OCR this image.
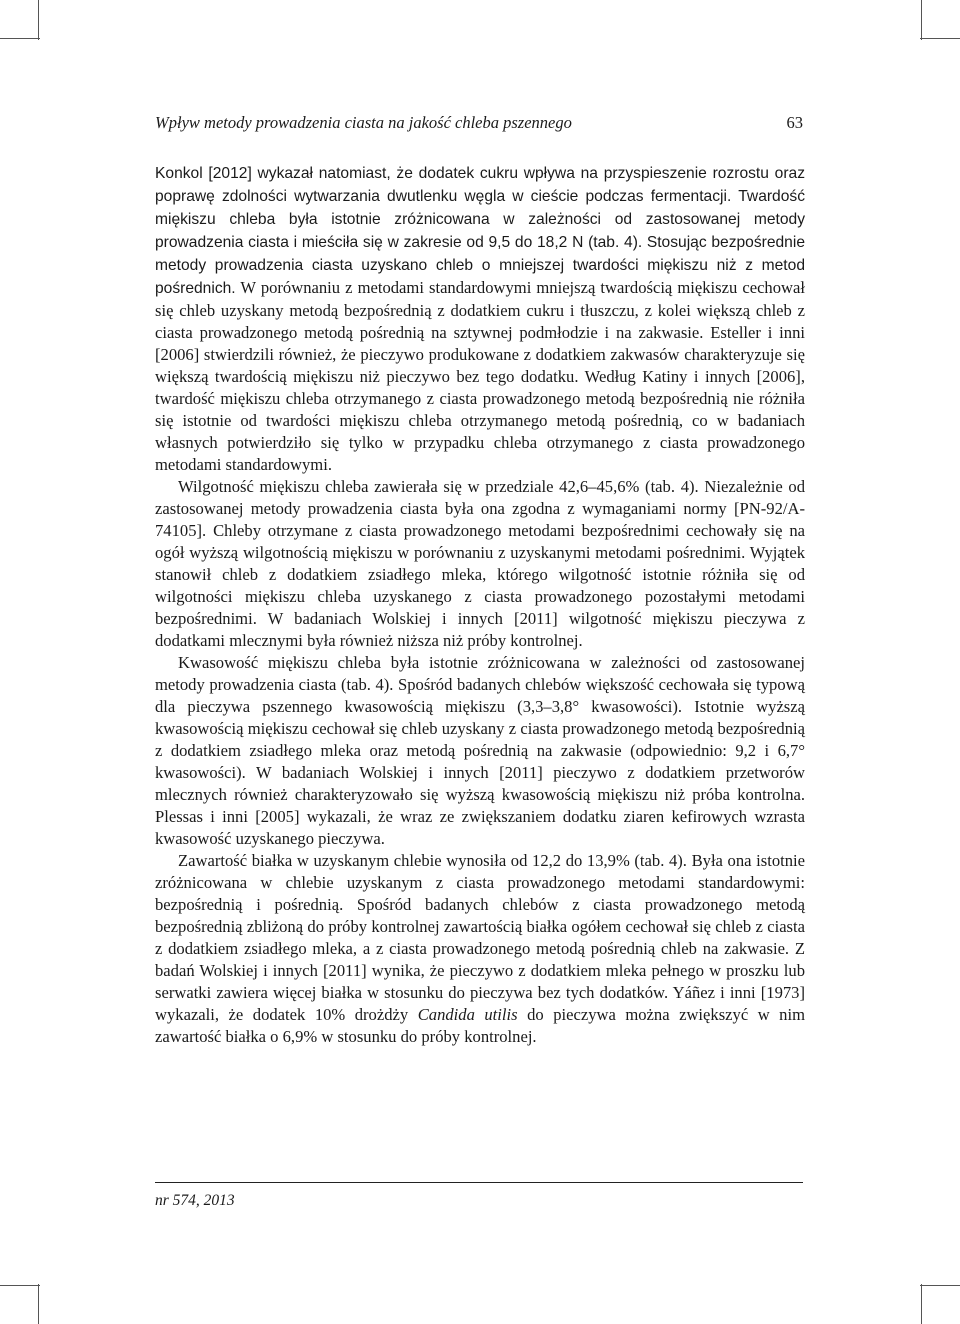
Wpływ metody prowadzenia ciasta na jakość chleba pszennego	63

Konkol [2012] wykazał natomiast, że dodatek cukru wpływa na przyspieszenie rozrostu oraz poprawę zdolności wytwarzania dwutlenku węgla w cieście podczas fermentacji. Twardość miękiszu chleba była istotnie zróżnicowana w zależności od zastosowanej metody prowadzenia ciasta i mieściła się w zakresie od 9,5 do 18,2 N (tab. 4). Stosując bezpośrednie metody prowadzenia ciasta uzyskano chleb o mniejszej twardości miękiszu niż z metod pośrednich. W porównaniu z metodami standardowymi mniejszą twardością miękiszu cechował się chleb uzyskany metodą bezpośrednią z dodatkiem cukru i tłuszczu, z kolei większą chleb z ciasta prowadzonego metodą pośrednią na sztywnej podmłodzie i na zakwasie. Esteller i inni [2006] stwierdzili również, że pieczywo produkowane z dodatkiem zakwasów charakteryzuje się większą twardością miękiszu niż pieczywo bez tego dodatku. Według Katiny i innych [2006], twardość miękiszu chleba otrzymanego z ciasta prowadzonego metodą bezpośrednią nie różniła się istotnie od twardości miękiszu chleba otrzymanego metodą pośrednią, co w badaniach własnych potwierdziło się tylko w przypadku chleba otrzymanego z ciasta prowadzonego metodami standardowymi.

Wilgotność miękiszu chleba zawierała się w przedziale 42,6–45,6% (tab. 4). Niezależnie od zastosowanej metody prowadzenia ciasta była ona zgodna z wymaganiami normy [PN-92/A-74105]. Chleby otrzymane z ciasta prowadzonego metodami bezpośrednimi cechowały się na ogół wyższą wilgotnością miękiszu w porównaniu z uzyskanymi metodami pośrednimi. Wyjątek stanowił chleb z dodatkiem zsiadłego mleka, którego wilgotność istotnie różniła się od wilgotności miękiszu chleba uzyskanego z ciasta prowadzonego pozostałymi metodami bezpośrednimi. W badaniach Wolskiej i innych [2011] wilgotność miękiszu pieczywa z dodatkami mlecznymi była również niższa niż próby kontrolnej.

Kwasowość miękiszu chleba była istotnie zróżnicowana w zależności od zastosowanej metody prowadzenia ciasta (tab. 4). Spośród badanych chlebów większość cechowała się typową dla pieczywa pszennego kwasowością miękiszu (3,3–3,8° kwasowości). Istotnie wyższą kwasowością miękiszu cechował się chleb uzyskany z ciasta prowadzonego metodą bezpośrednią z dodatkiem zsiadłego mleka oraz metodą pośrednią na zakwasie (odpowiednio: 9,2 i 6,7° kwasowości). W badaniach Wolskiej i innych [2011] pieczywo z dodatkiem przetworów mlecznych również charakteryzowało się wyższą kwasowością miękiszu niż próba kontrolna. Plessas i inni [2005] wykazali, że wraz ze zwiększaniem dodatku ziaren kefirowych wzrasta kwasowość uzyskanego pieczywa.

Zawartość białka w uzyskanym chlebie wynosiła od 12,2 do 13,9% (tab. 4). Była ona istotnie zróżnicowana w chlebie uzyskanym z ciasta prowadzonego metodami standardowymi: bezpośrednią i pośrednią. Spośród badanych chlebów z ciasta prowadzonego metodą bezpośrednią zbliżoną do próby kontrolnej zawartością białka ogółem cechował się chleb z ciasta z dodatkiem zsiadłego mleka, a z ciasta prowadzonego metodą pośrednią chleb na zakwasie. Z badań Wolskiej i innych [2011] wynika, że pieczywo z dodatkiem mleka pełnego w proszku lub serwatki zawiera więcej białka w stosunku do pieczywa bez tych dodatków. Yáñez i inni [1973] wykazali, że dodatek 10% drożdży Candida utilis do pieczywa można zwiększyć w nim zawartość białka o 6,9% w stosunku do próby kontrolnej.

nr 574, 2013
